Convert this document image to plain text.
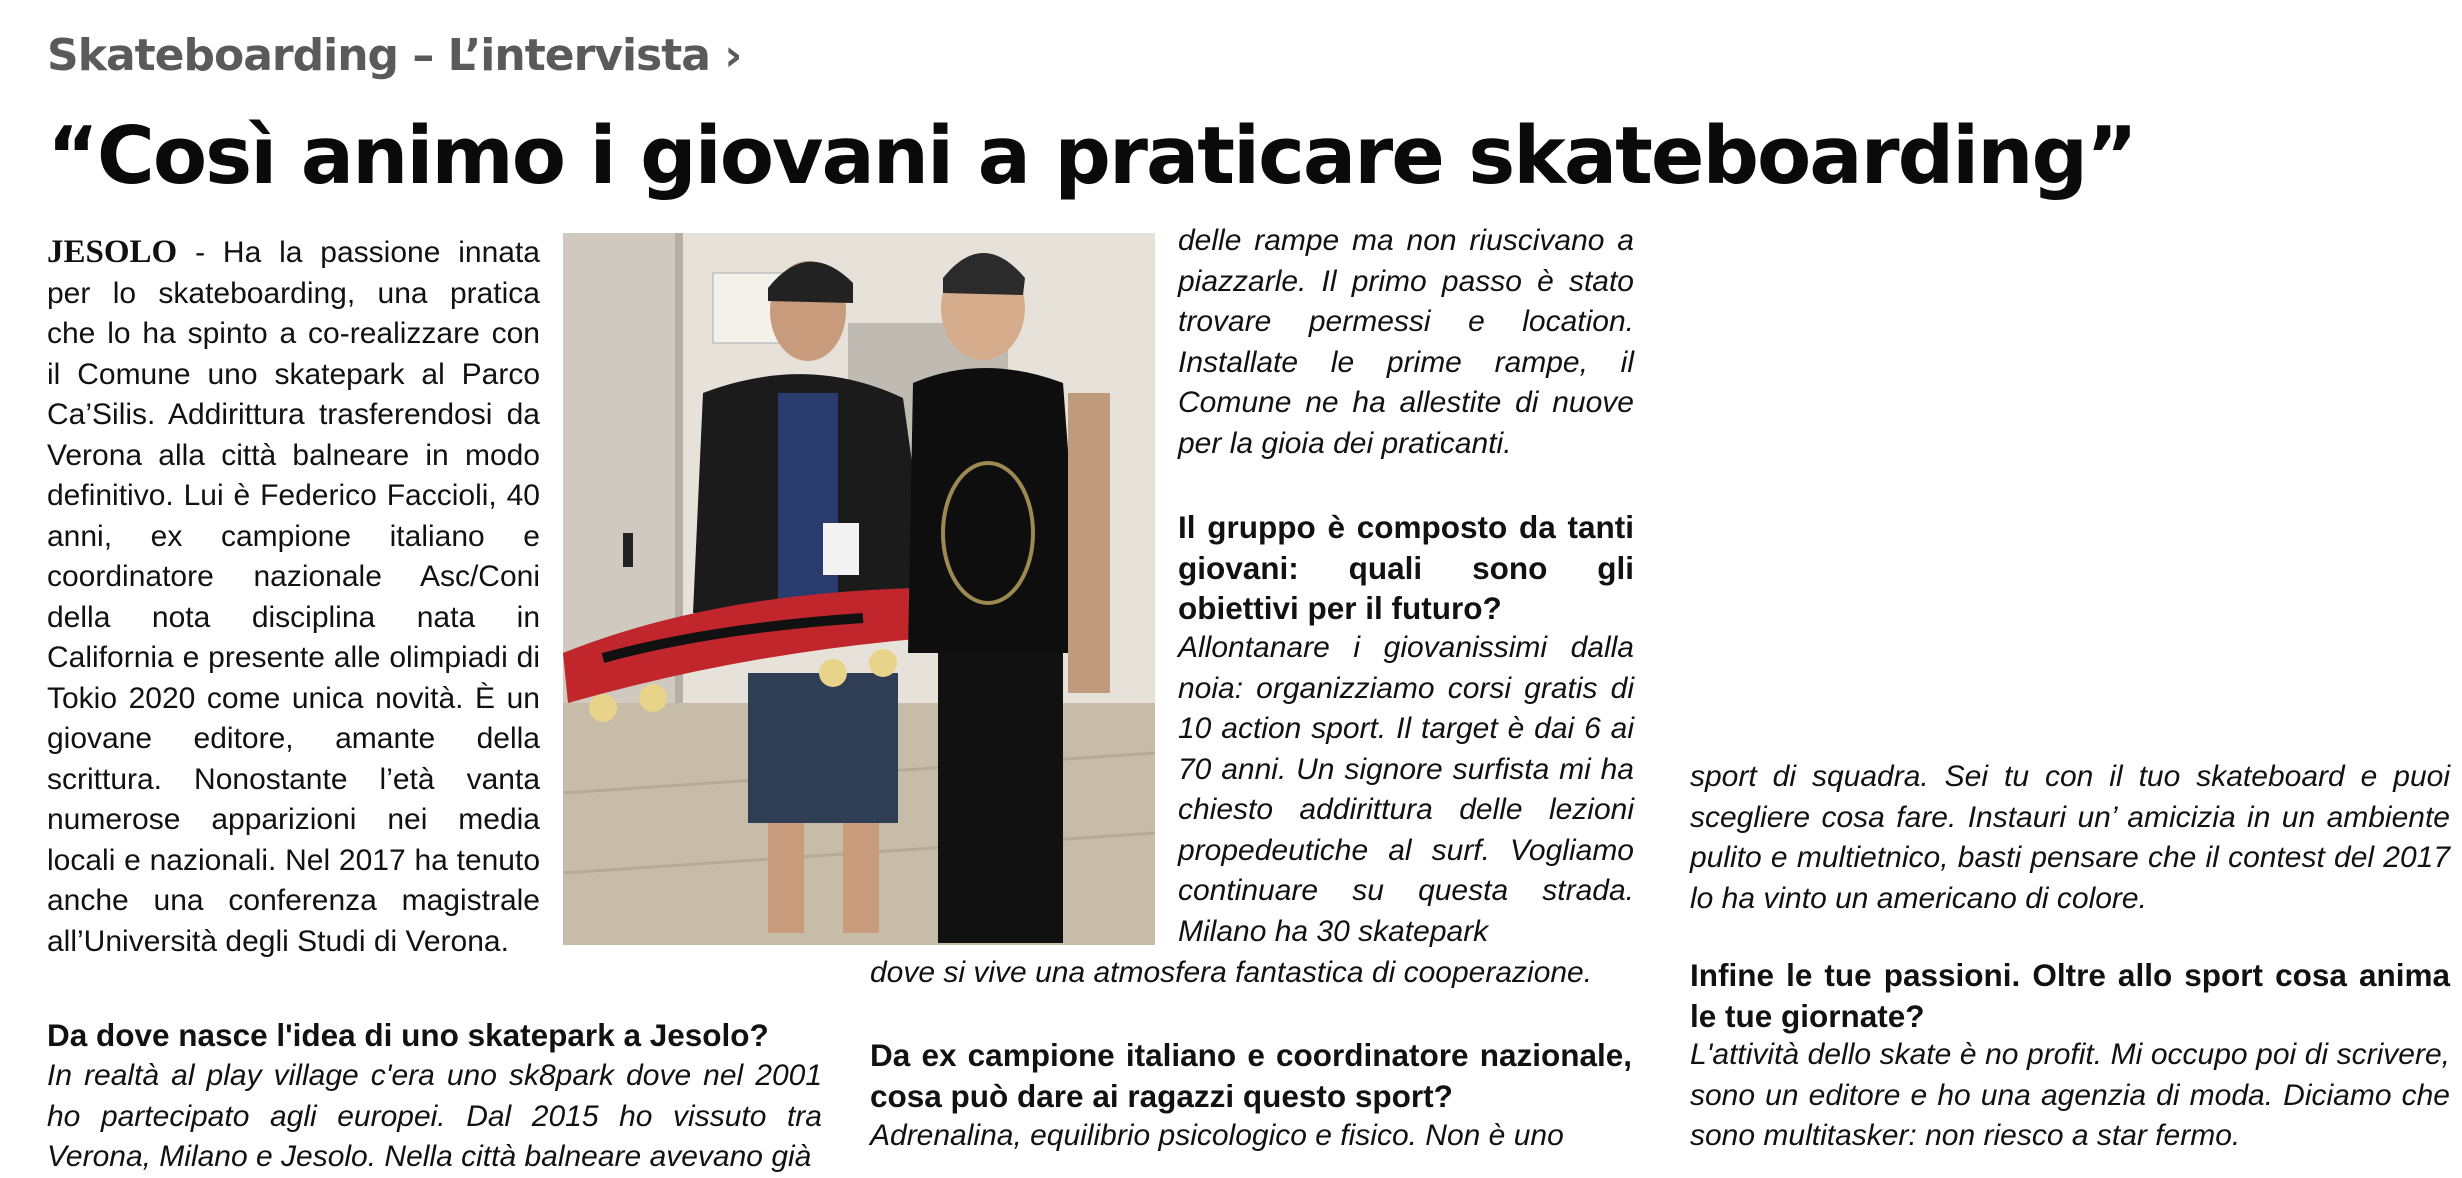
Skateboarding – L’intervista ›
“Così animo i giovani a praticare skateboarding”

JESOLO - Ha la passione innata per lo skateboarding, una pratica che lo ha spinto a co-realizzare con il Comune uno skatepark al Parco Ca’Silis. Addirittura trasferendosi da Verona alla città balneare in modo definitivo. Lui è Federico Faccioli, 40 anni, ex campione italiano e coordinatore nazionale Asc/Coni della nota disciplina nata in California e presente alle olimpiadi di Tokio 2020 come unica novità. È un giovane editore, amante della scrittura. Nonostante l’età vanta numerose apparizioni nei media locali e nazionali. Nel 2017 ha tenuto anche una conferenza magistrale all’Università degli Studi di Verona.

Da dove nasce l'idea di uno skatepark a Jesolo?

In realtà al play village c'era uno sk8park dove nel 2001 ho partecipato agli europei. Dal 2015 ho vissuto tra Verona, Milano e Jesolo. Nella città balneare avevano già

delle rampe ma non riuscivano a piazzarle. Il primo passo è stato trovare permessi e location. Installate le prime rampe, il Comune ne ha allestite di nuove per la gioia dei praticanti.

Il gruppo è composto da tanti giovani: quali sono gli obiettivi per il futuro?

Allontanare i giovanissimi dalla noia: organizziamo corsi gratis di 10 action sport. Il target è dai 6 ai 70 anni. Un signore surfista mi ha chiesto addirittura delle lezioni propedeutiche al surf. Vogliamo continuare su questa strada. Milano ha 30 skatepark

dove si vive una atmosfera fantastica di cooperazione.

Da ex campione italiano e coordinatore nazionale, cosa può dare ai ragazzi questo sport?

Adrenalina, equilibrio psicologico e fisico. Non è uno

sport di squadra. Sei tu con il tuo skateboard e puoi scegliere cosa fare. Instauri un’ amicizia in un ambiente pulito e multietnico, basti pensare che il contest del 2017 lo ha vinto un americano di colore.

Infine le tue passioni. Oltre allo sport cosa anima le tue giornate?

L'attività dello skate è no profit. Mi occupo poi di scrivere, sono un editore e ho una agenzia di moda. Diciamo che sono multitasker: non riesco a star fermo.
